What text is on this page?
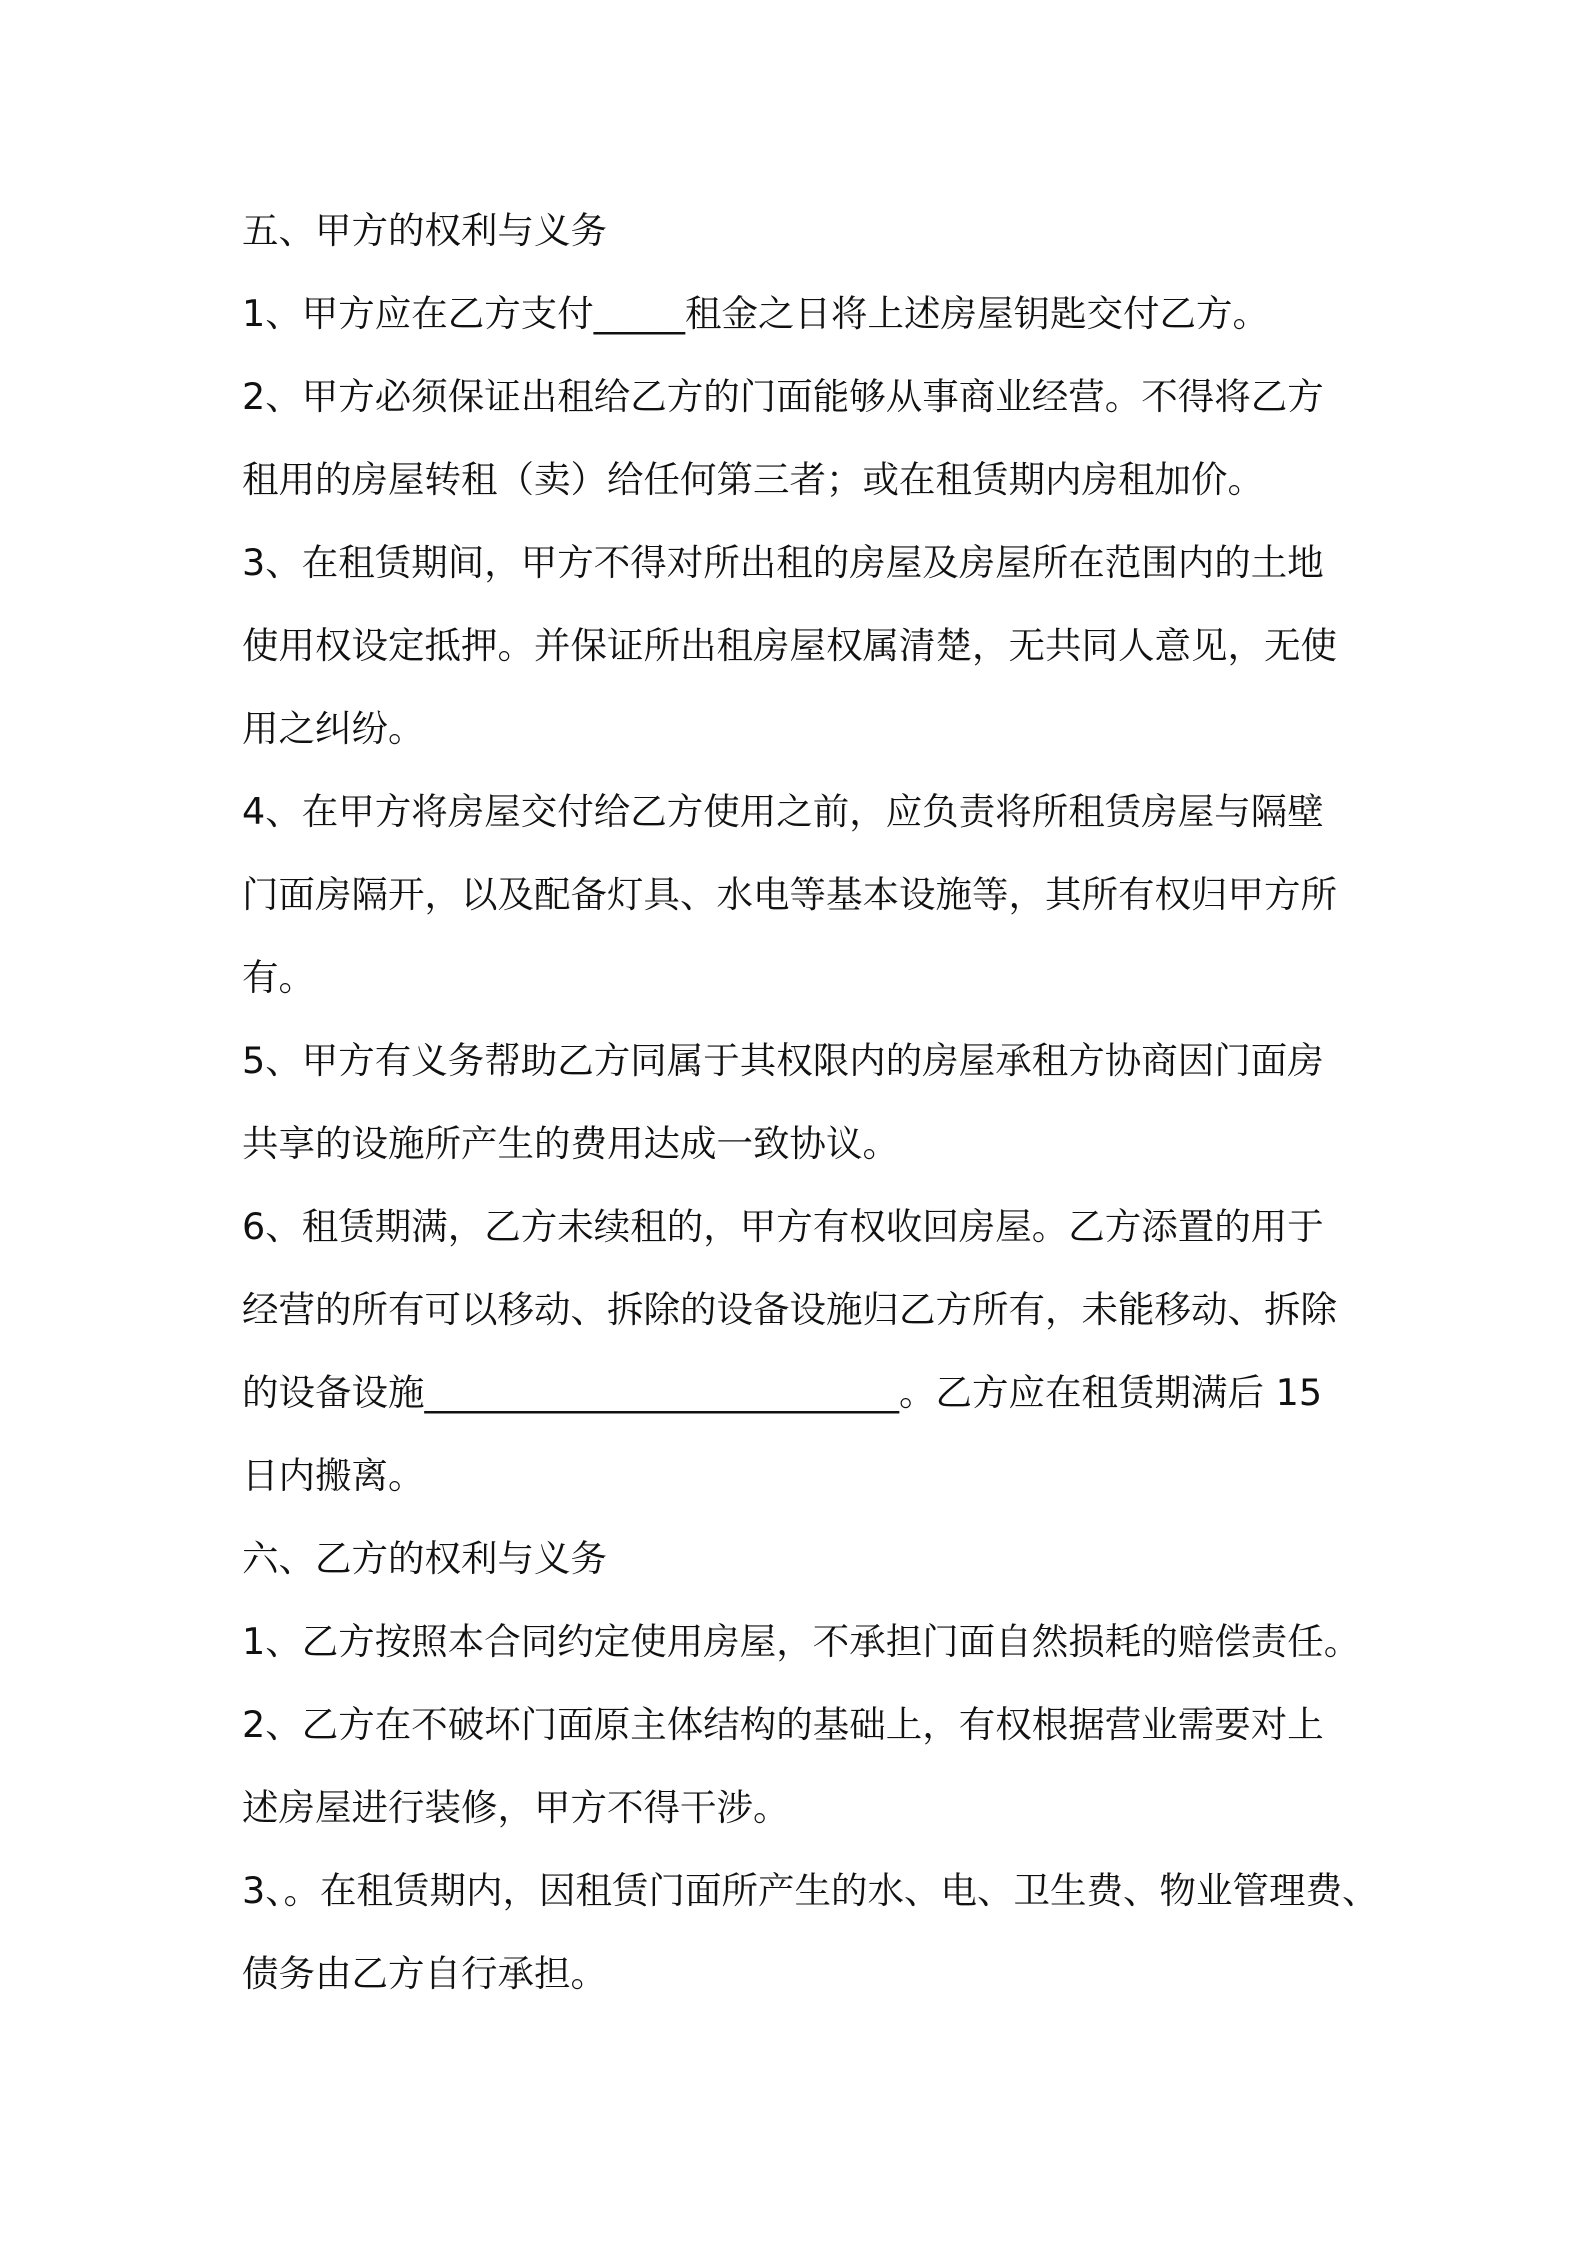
五、甲方的权利与义务

1、甲方应在乙方支付_____租金之日将上述房屋钥匙交付乙方。

2、甲方必须保证出租给乙方的门面能够从事商业经营。不得将乙方

租用的房屋转租（卖）给任何第三者；或在租赁期内房租加价。

3、在租赁期间，甲方不得对所出租的房屋及房屋所在范围内的土地

使用权设定抵押。并保证所出租房屋权属清楚，无共同人意见，无使

用之纠纷。

4、在甲方将房屋交付给乙方使用之前，应负责将所租赁房屋与隔壁

门面房隔开，以及配备灯具、水电等基本设施等，其所有权归甲方所

有。

5、甲方有义务帮助乙方同属于其权限内的房屋承租方协商因门面房

共享的设施所产生的费用达成一致协议。

6、租赁期满，乙方未续租的，甲方有权收回房屋。乙方添置的用于

经营的所有可以移动、拆除的设备设施归乙方所有，未能移动、拆除

的设备设施__________________________。乙方应在租赁期满后 15

日内搬离。

六、乙方的权利与义务

1、乙方按照本合同约定使用房屋，不承担门面自然损耗的赔偿责任。

2、乙方在不破坏门面原主体结构的基础上，有权根据营业需要对上

述房屋进行装修，甲方不得干涉。

3、。在租赁期内，因租赁门面所产生的水、电、卫生费、物业管理费、

债务由乙方自行承担。
